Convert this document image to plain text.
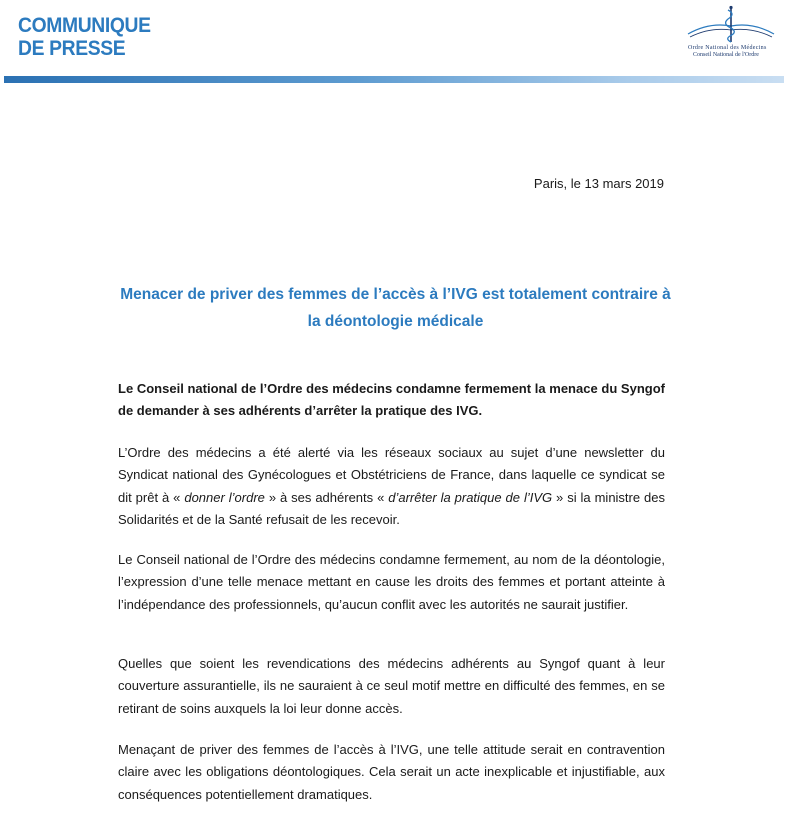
COMMUNIQUE
DE PRESSE	Ordre National des Médecins
Conseil National de l'Ordre
Paris, le 13 mars 2019
Menacer de priver des femmes de l’accès à l’IVG est totalement contraire à la déontologie médicale

Le Conseil national de l’Ordre des médecins condamne fermement la menace du Syngof de demander à ses adhérents d’arrêter la pratique des IVG.

L’Ordre des médecins a été alerté via les réseaux sociaux au sujet d’une newsletter du Syndicat national des Gynécologues et Obstétriciens de France, dans laquelle ce syndicat se dit prêt à « donner l’ordre » à ses adhérents « d’arrêter la pratique de l’IVG » si la ministre des Solidarités et de la Santé refusait de les recevoir.

Le Conseil national de l’Ordre des médecins condamne fermement, au nom de la déontologie, l’expression d’une telle menace mettant en cause les droits des femmes et portant atteinte à l’indépendance des professionnels, qu’aucun conflit avec les autorités ne saurait justifier.

Quelles que soient les revendications des médecins adhérents au Syngof quant à leur couverture assurantielle, ils ne sauraient à ce seul motif mettre en difficulté des femmes, en se retirant de soins auxquels la loi leur donne accès.

Menaçant de priver des femmes de l’accès à l’IVG, une telle attitude serait en contravention claire avec les obligations déontologiques. Cela serait un acte inexplicable et injustifiable, aux conséquences potentiellement dramatiques.
